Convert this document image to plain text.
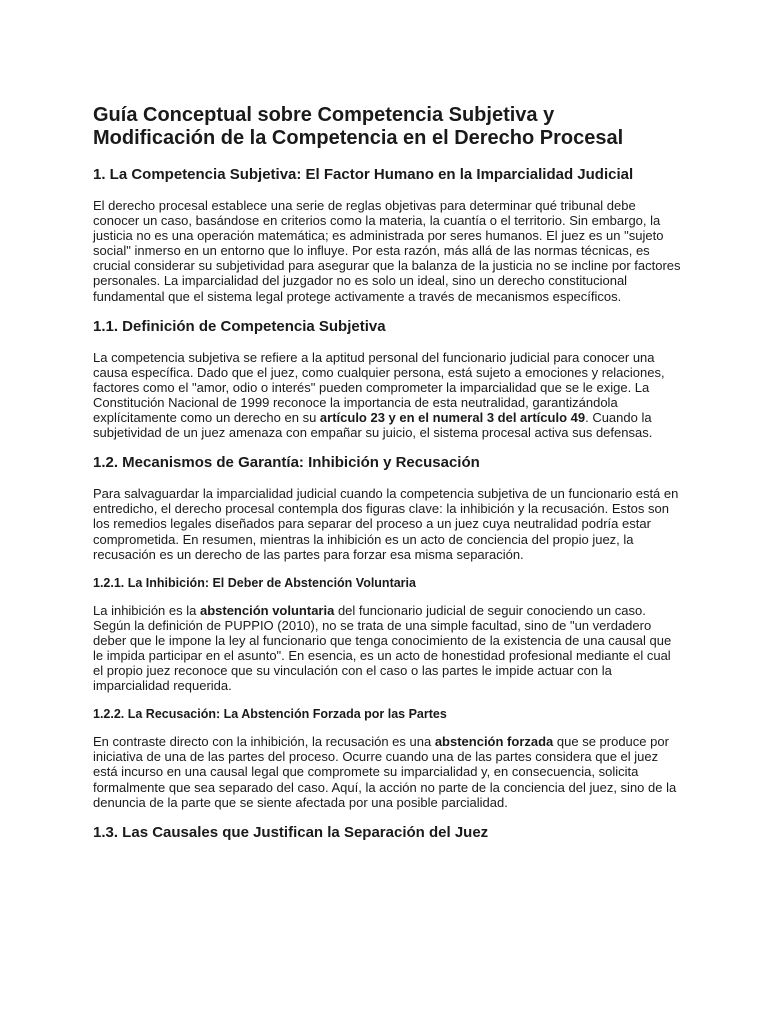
Guía Conceptual sobre Competencia Subjetiva y
Modificación de la Competencia en el Derecho Procesal
1. La Competencia Subjetiva: El Factor Humano en la Imparcialidad Judicial

El derecho procesal establece una serie de reglas objetivas para determinar qué tribunal debe conocer un caso, basándose en criterios como la materia, la cuantía o el territorio. Sin embargo, la justicia no es una operación matemática; es administrada por seres humanos. El juez es un "sujeto social" inmerso en un entorno que lo influye. Por esta razón, más allá de las normas técnicas, es crucial considerar su subjetividad para asegurar que la balanza de la justicia no se incline por factores personales. La imparcialidad del juzgador no es solo un ideal, sino un derecho constitucional fundamental que el sistema legal protege activamente a través de mecanismos específicos.

1.1. Definición de Competencia Subjetiva

La competencia subjetiva se refiere a la aptitud personal del funcionario judicial para conocer una causa específica. Dado que el juez, como cualquier persona, está sujeto a emociones y relaciones, factores como el "amor, odio o interés" pueden comprometer la imparcialidad que se le exige. La Constitución Nacional de 1999 reconoce la importancia de esta neutralidad, garantizándola explícitamente como un derecho en su artículo 23 y en el numeral 3 del artículo 49. Cuando la subjetividad de un juez amenaza con empañar su juicio, el sistema procesal activa sus defensas.

1.2. Mecanismos de Garantía: Inhibición y Recusación

Para salvaguardar la imparcialidad judicial cuando la competencia subjetiva de un funcionario está en entredicho, el derecho procesal contempla dos figuras clave: la inhibición y la recusación. Estos son los remedios legales diseñados para separar del proceso a un juez cuya neutralidad podría estar comprometida. En resumen, mientras la inhibición es un acto de conciencia del propio juez, la recusación es un derecho de las partes para forzar esa misma separación.

1.2.1. La Inhibición: El Deber de Abstención Voluntaria

La inhibición es la abstención voluntaria del funcionario judicial de seguir conociendo un caso. Según la definición de PUPPIO (2010), no se trata de una simple facultad, sino de "un verdadero deber que le impone la ley al funcionario que tenga conocimiento de la existencia de una causal que le impida participar en el asunto". En esencia, es un acto de honestidad profesional mediante el cual el propio juez reconoce que su vinculación con el caso o las partes le impide actuar con la imparcialidad requerida.

1.2.2. La Recusación: La Abstención Forzada por las Partes

En contraste directo con la inhibición, la recusación es una abstención forzada que se produce por iniciativa de una de las partes del proceso. Ocurre cuando una de las partes considera que el juez está incurso en una causal legal que compromete su imparcialidad y, en consecuencia, solicita formalmente que sea separado del caso. Aquí, la acción no parte de la conciencia del juez, sino de la denuncia de la parte que se siente afectada por una posible parcialidad.

1.3. Las Causales que Justifican la Separación del Juez
